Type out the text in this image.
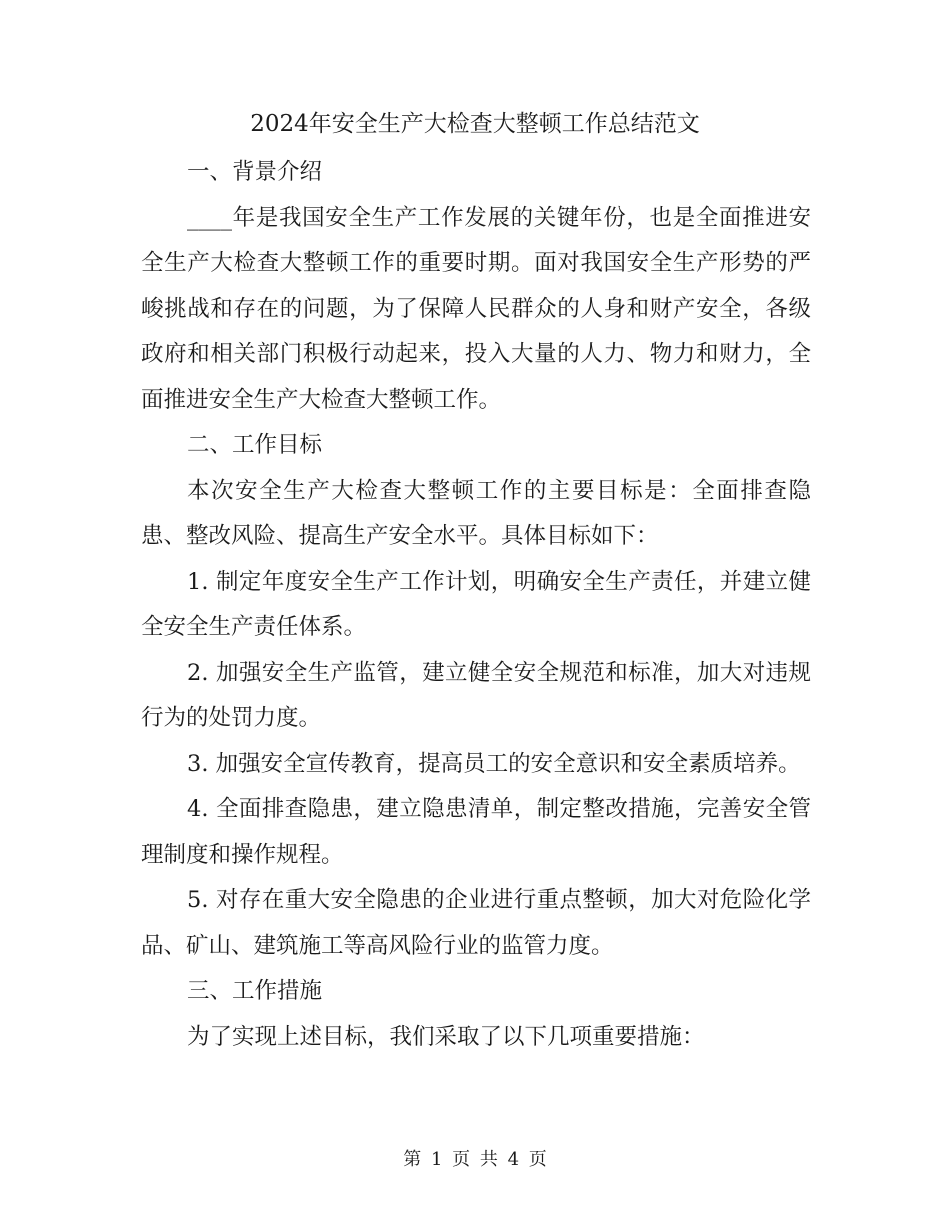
2024年安全生产大检查大整顿工作总结范文

一、背景介绍

____年是我国安全生产工作发展的关键年份，也是全面推进安全生产大检查大整顿工作的重要时期。面对我国安全生产形势的严峻挑战和存在的问题，为了保障人民群众的人身和财产安全，各级政府和相关部门积极行动起来，投入大量的人力、物力和财力，全面推进安全生产大检查大整顿工作。

二、工作目标

本次安全生产大检查大整顿工作的主要目标是：全面排查隐患、整改风险、提高生产安全水平。具体目标如下：

1. 制定年度安全生产工作计划，明确安全生产责任，并建立健全安全生产责任体系。

2. 加强安全生产监管，建立健全安全规范和标准，加大对违规行为的处罚力度。

3. 加强安全宣传教育，提高员工的安全意识和安全素质培养。

4. 全面排查隐患，建立隐患清单，制定整改措施，完善安全管理制度和操作规程。

5. 对存在重大安全隐患的企业进行重点整顿，加大对危险化学品、矿山、建筑施工等高风险行业的监管力度。

三、工作措施

为了实现上述目标，我们采取了以下几项重要措施：

第 1 页 共 4 页
